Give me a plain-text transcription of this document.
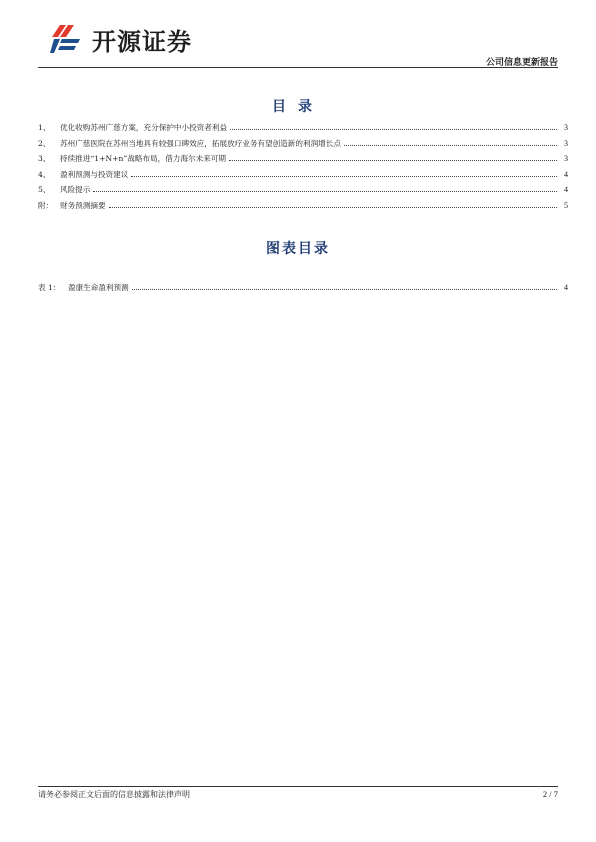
开源证券
公司信息更新报告
目录
1、	优化收购苏州广慈方案，充分保护中小投资者利益	3
2、	苏州广慈医院在苏州当地具有较强口碑效应，拓展放疗业务有望创造新的利润增长点	3
3、	持续推进“1+N+n”战略布局，借力海尔未来可期	3
4、	盈利预测与投资建议	4
5、	风险提示	4
附： 财务预测摘要	5
图表目录
表 1： 盈康生命盈利预测	4
请务必参阅正文后面的信息披露和法律声明	2 / 7
